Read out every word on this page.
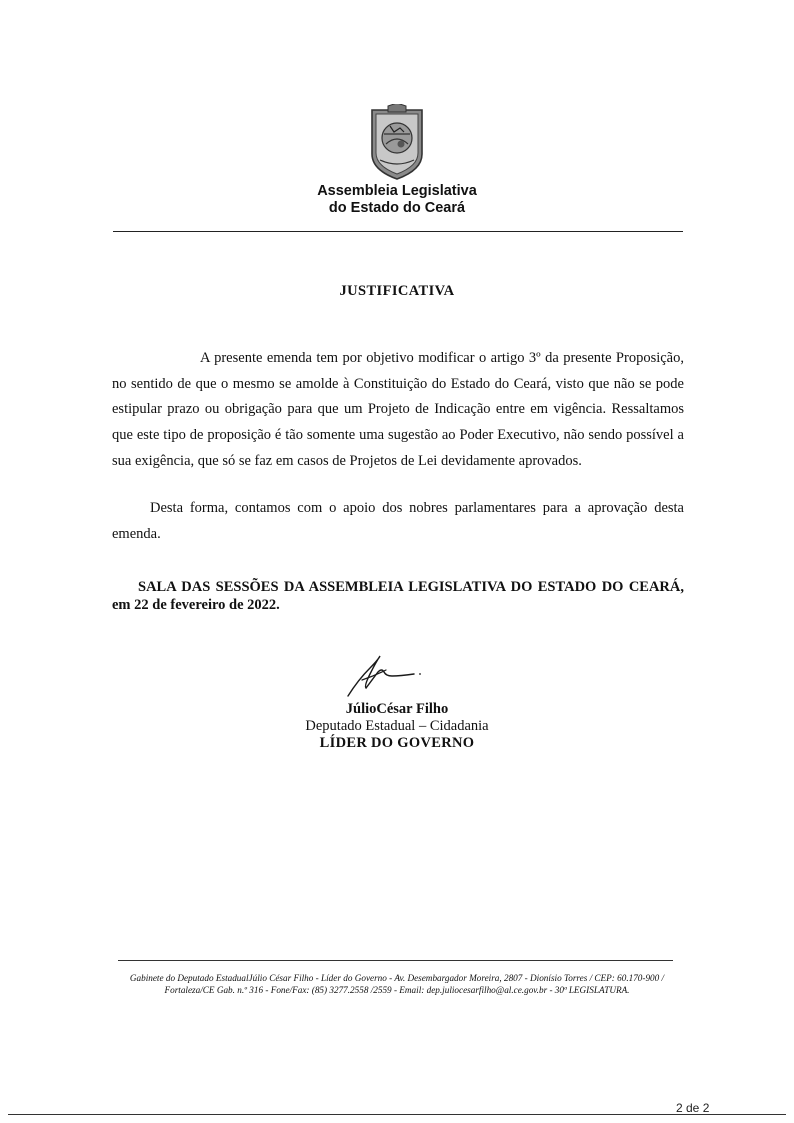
Assembleia Legislativa
do Estado do Ceará
JUSTIFICATIVA

A presente emenda tem por objetivo modificar o artigo 3º da presente Proposição, no sentido de que o mesmo se amolde à Constituição do Estado do Ceará, visto que não se pode estipular prazo ou obrigação para que um Projeto de Indicação entre em vigência. Ressaltamos que este tipo de proposição é tão somente uma sugestão ao Poder Executivo, não sendo possível a sua exigência, que só se faz em casos de Projetos de Lei devidamente aprovados.

Desta forma, contamos com o apoio dos nobres parlamentares para a aprovação desta emenda.

SALA DAS SESSÕES DA ASSEMBLEIA LEGISLATIVA DO ESTADO DO CEARÁ, em 22 de fevereiro de 2022.

JúlioCésar Filho
Deputado Estadual – Cidadania
LÍDER DO GOVERNO
Gabinete do Deputado EstadualJúlio César Filho - Líder do Governo - Av. Desembargador Moreira, 2807 - Dionísio Torres / CEP: 60.170-900 /
Fortaleza/CE Gab. n.º 316 - Fone/Fax: (85) 3277.2558 /2559 - Email: dep.juliocesarfilho@al.ce.gov.br - 30ª LEGISLATURA.
2 de 2
